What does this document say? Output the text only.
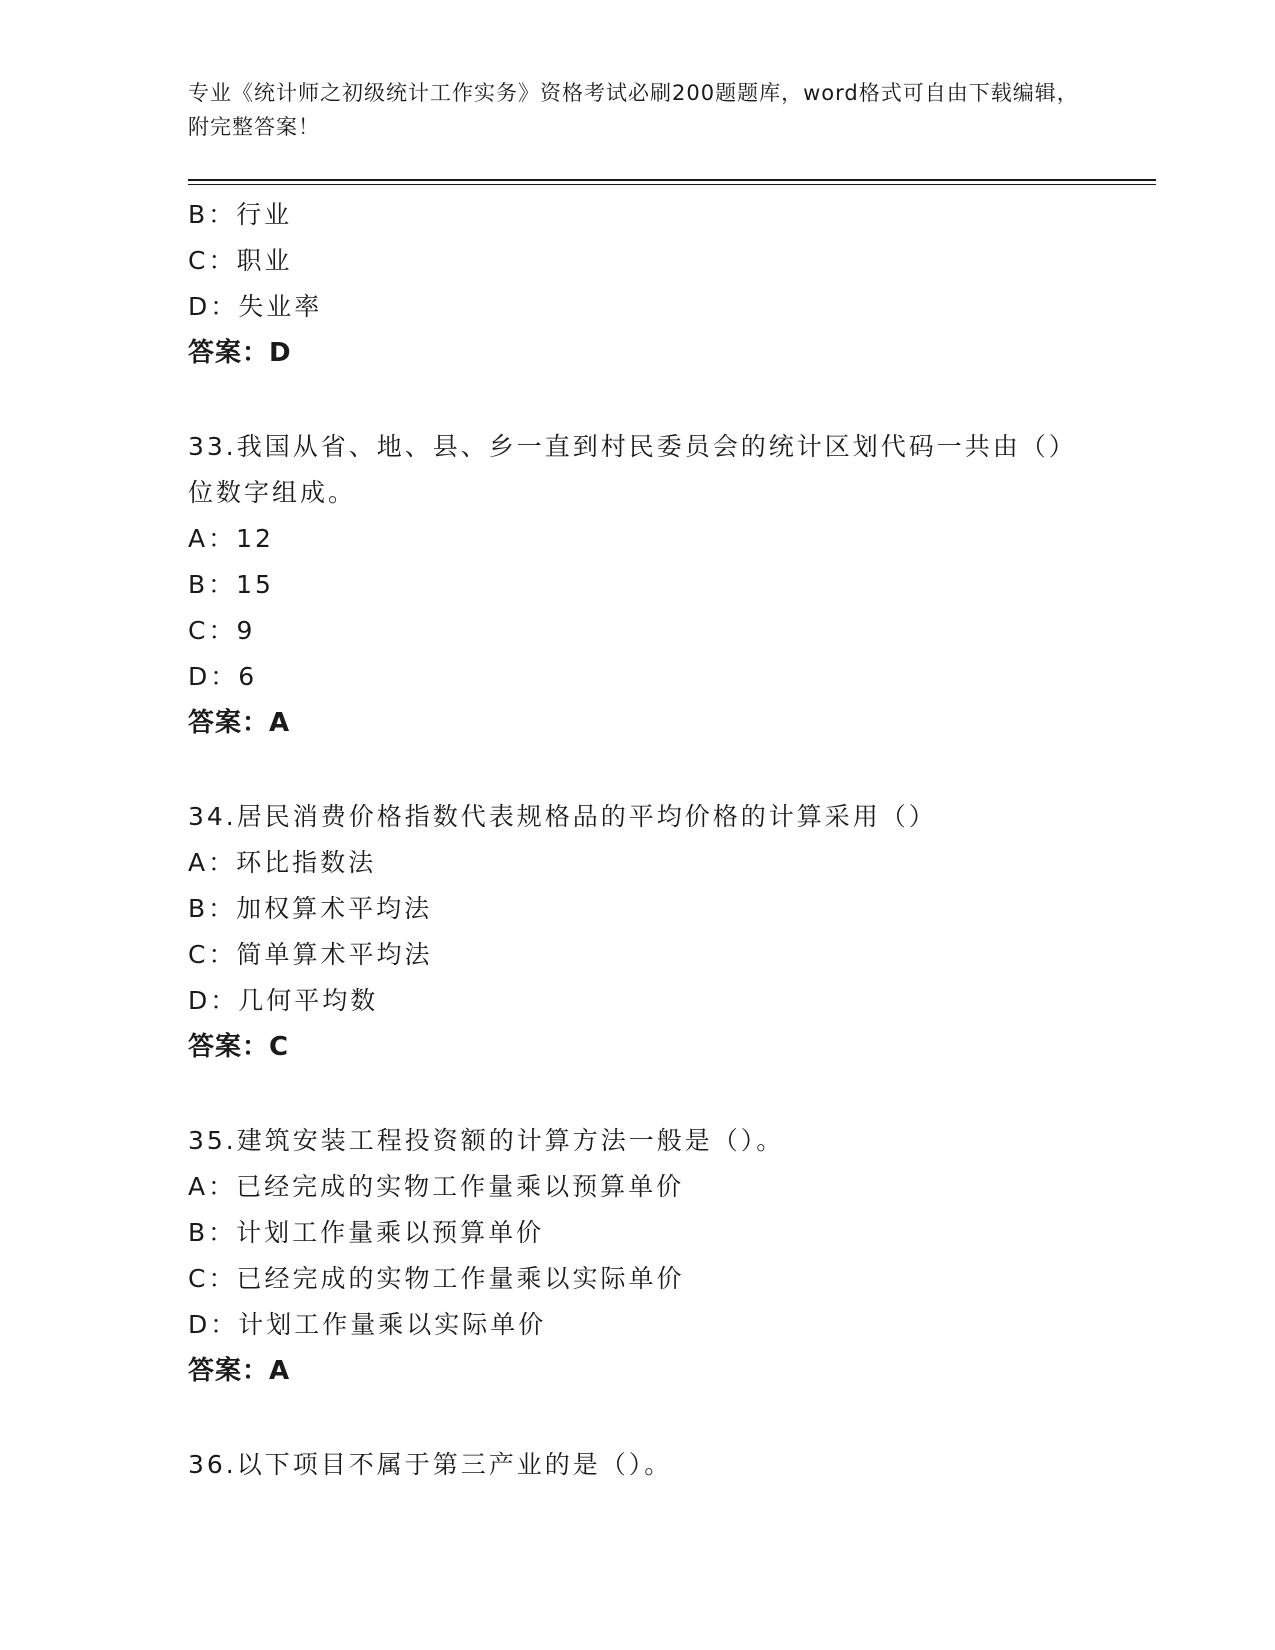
专业《统计师之初级统计工作实务》资格考试必刷200题题库，word格式可自由下载编辑，附完整答案！
B：行业
C：职业
D：失业率
答案：D
33.我国从省、地、县、乡一直到村民委员会的统计区划代码一共由（）位数字组成。
A：12
B：15
C：9
D：6
答案：A
34.居民消费价格指数代表规格品的平均价格的计算采用（）
A：环比指数法
B：加权算术平均法
C：简单算术平均法
D：几何平均数
答案：C
35.建筑安装工程投资额的计算方法一般是（）。
A：已经完成的实物工作量乘以预算单价
B：计划工作量乘以预算单价
C：已经完成的实物工作量乘以实际单价
D：计划工作量乘以实际单价
答案：A
36.以下项目不属于第三产业的是（）。
